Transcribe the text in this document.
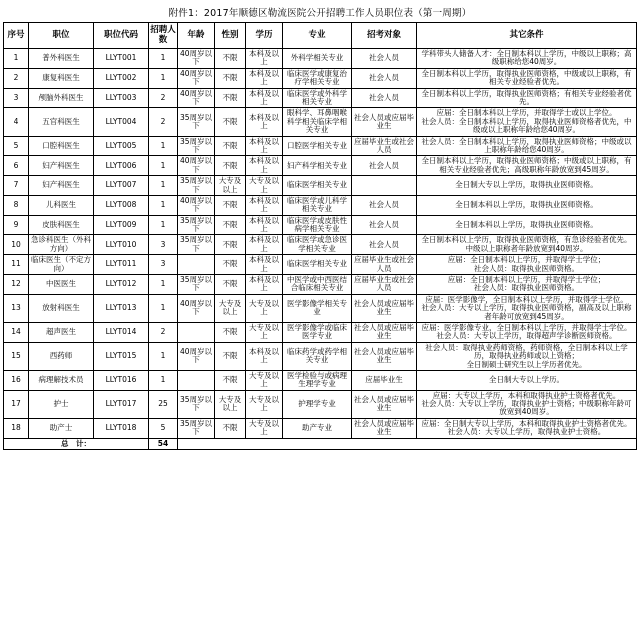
附件1：2017年顺德区勒流医院公开招聘工作人员职位表（第一周期）
序号	职位	职位代码	招聘人数	年龄	性别	学历	专业	招考对象	其它条件
1	普外科医生	LLYT001	1	40周岁以下	不限	本科及以上	外科学相关专业	社会人员	学科带头人储备人才：全日制本科以上学历，中级以上职称；高级职称给您40周岁。
2	康复科医生	LLYT002	1	40周岁以下	不限	本科及以上	临床医学或康复治疗学相关专业	社会人员	全日制本科以上学历，取得执业医师资格，中级或以上职称，有相关专业经验者优先。
3	颅脑外科医生	LLYT003	2	40周岁以下	不限	本科及以上	临床医学或外科学相关专业	社会人员	全日制本科以上学历，取得执业医师资格；有相关专业经验者优先。
4	五官科医生	LLYT004	2	35周岁以下	不限	本科及以上	眼科学、耳鼻咽喉科学相关临床学相关专业	社会人员或应届毕业生	应届：全日制本科以上学历，并取得学士或以上学位。
社会人员：全日制本科以上学历，取得执业医师资格者优先，中级或以上职称年龄给您40周岁。
5	口腔科医生	LLYT005	1	35周岁以下	不限	本科及以上	口腔医学相关专业	应届毕业生或社会人员	社会人员：全日制本科以上学历，取得执业医师资格；中级或以上职称年龄给您40周岁。
6	妇产科医生	LLYT006	1	40周岁以下	不限	本科及以上	妇产科学相关专业	社会人员	全日制本科以上学历，取得执业医师资格；中级或以上职称，有相关专业经验者优先；高级职称年龄放宽到45周岁。
7	妇产科医生	LLYT007	1	35周岁以下	大专及以上	大专及以上	临床医学相关专业		全日制大专以上学历，取得执业医师资格。
8	儿科医生	LLYT008	1	40周岁以下	不限	本科及以上	临床医学或儿科学相关专业	社会人员	全日制本科以上学历，取得执业医师资格。
9	皮肤科医生	LLYT009	1	35周岁以下	不限	本科及以上	临床医学或皮肤性病学相关专业	社会人员	全日制本科以上学历，取得执业医师资格。
10	急诊科医生（外科方向）	LLYT010	3	35周岁以下	不限	本科及以上	临床医学或急诊医学相关专业	社会人员	全日制本科以上学历，取得执业医师资格，有急诊经验者优先。中级以上职称者年龄放宽到40周岁。
11	临床医生（不定方向）	LLYT011	3		不限	本科及以上	临床医学相关专业	应届毕业生或社会人员	应届：全日制本科以上学历，并取得学士学位；
社会人员：取得执业医师资格。
12	中医医生	LLYT012	1	35周岁以下	不限	本科及以上	中医学或中西医结合临床相关专业	应届毕业生或社会人员	应届：全日制本科以上学历，并取得学士学位；
社会人员：取得执业医师资格。
13	放射科医生	LLYT013	1	40周岁以下	大专及以上	大专及以上	医学影像学相关专业	社会人员或应届毕业生	应届：医学影像学，全日制本科以上学历，并取得学士学位。
社会人员：大专以上学历，取得执业医师资格，副高及以上职称者年龄可放宽到45周岁。
14	超声医生	LLYT014	2		不限	大专及以上	医学影像学或临床医学专业	社会人员或应届毕业生	应届：医学影像专业，全日制本科以上学历，并取得学士学位。
社会人员：大专以上学历，取得超声学诊断医师资格。
15	西药师	LLYT015	1	40周岁以下	不限	本科及以上	临床药学或药学相关专业	社会人员或应届毕业生	社会人员：取得执业药师资格，药师资格，全日制本科以上学历，取得执业药师或以上资格；
全日制硕士研究生以上学历者优先。
16	病理解技术员	LLYT016	1		不限	大专及以上	医学检验与或病理生理学专业	应届毕业生	全日制大专以上学历。
17	护士	LLYT017	25	35周岁以下	大专及以上	大专及以上	护理学专业	社会人员或应届毕业生	应届：大专以上学历，本科和取得执业护士资格者优先。
社会人员：大专以上学历，取得执业护士资格；中级职称年龄可放宽到40周岁。
18	助产士	LLYT018	5	35周岁以下	不限	大专及以上	助产专业	社会人员或应届毕业生	应届：全日制大专以上学历，本科和取得执业护士资格者优先。
社会人员：大专以上学历，取得执业护士资格。
总　计：			54						
